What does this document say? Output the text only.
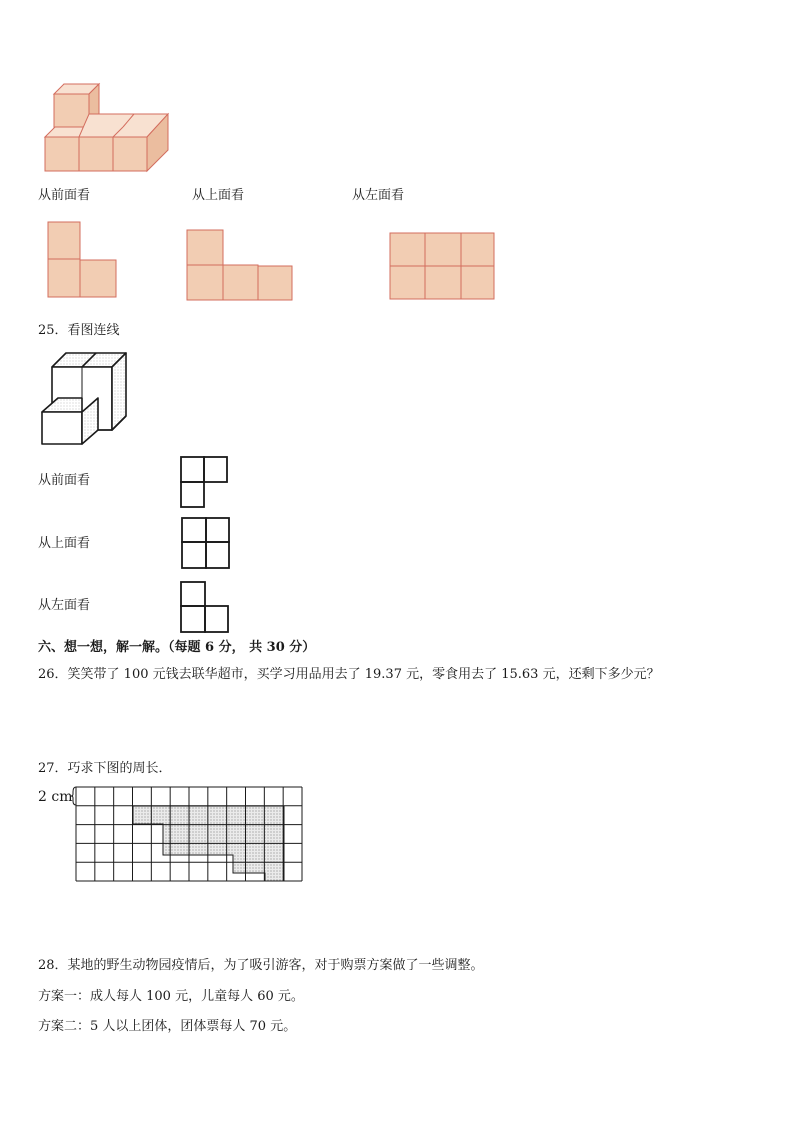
从前面看	从上面看	从左面看
25．看图连线
从前面看
从上面看
从左面看
六、想一想，解一解。（每题 6 分， 共 30 分）
26．笑笑带了 100 元钱去联华超市，买学习用品用去了 19.37 元，零食用去了 15.63 元，还剩下多少元？
27．巧求下图的周长．
2 cm
28．某地的野生动物园疫情后，为了吸引游客，对于购票方案做了一些调整。
方案一：成人每人 100 元，儿童每人 60 元。
方案二：5 人以上团体，团体票每人 70 元。
